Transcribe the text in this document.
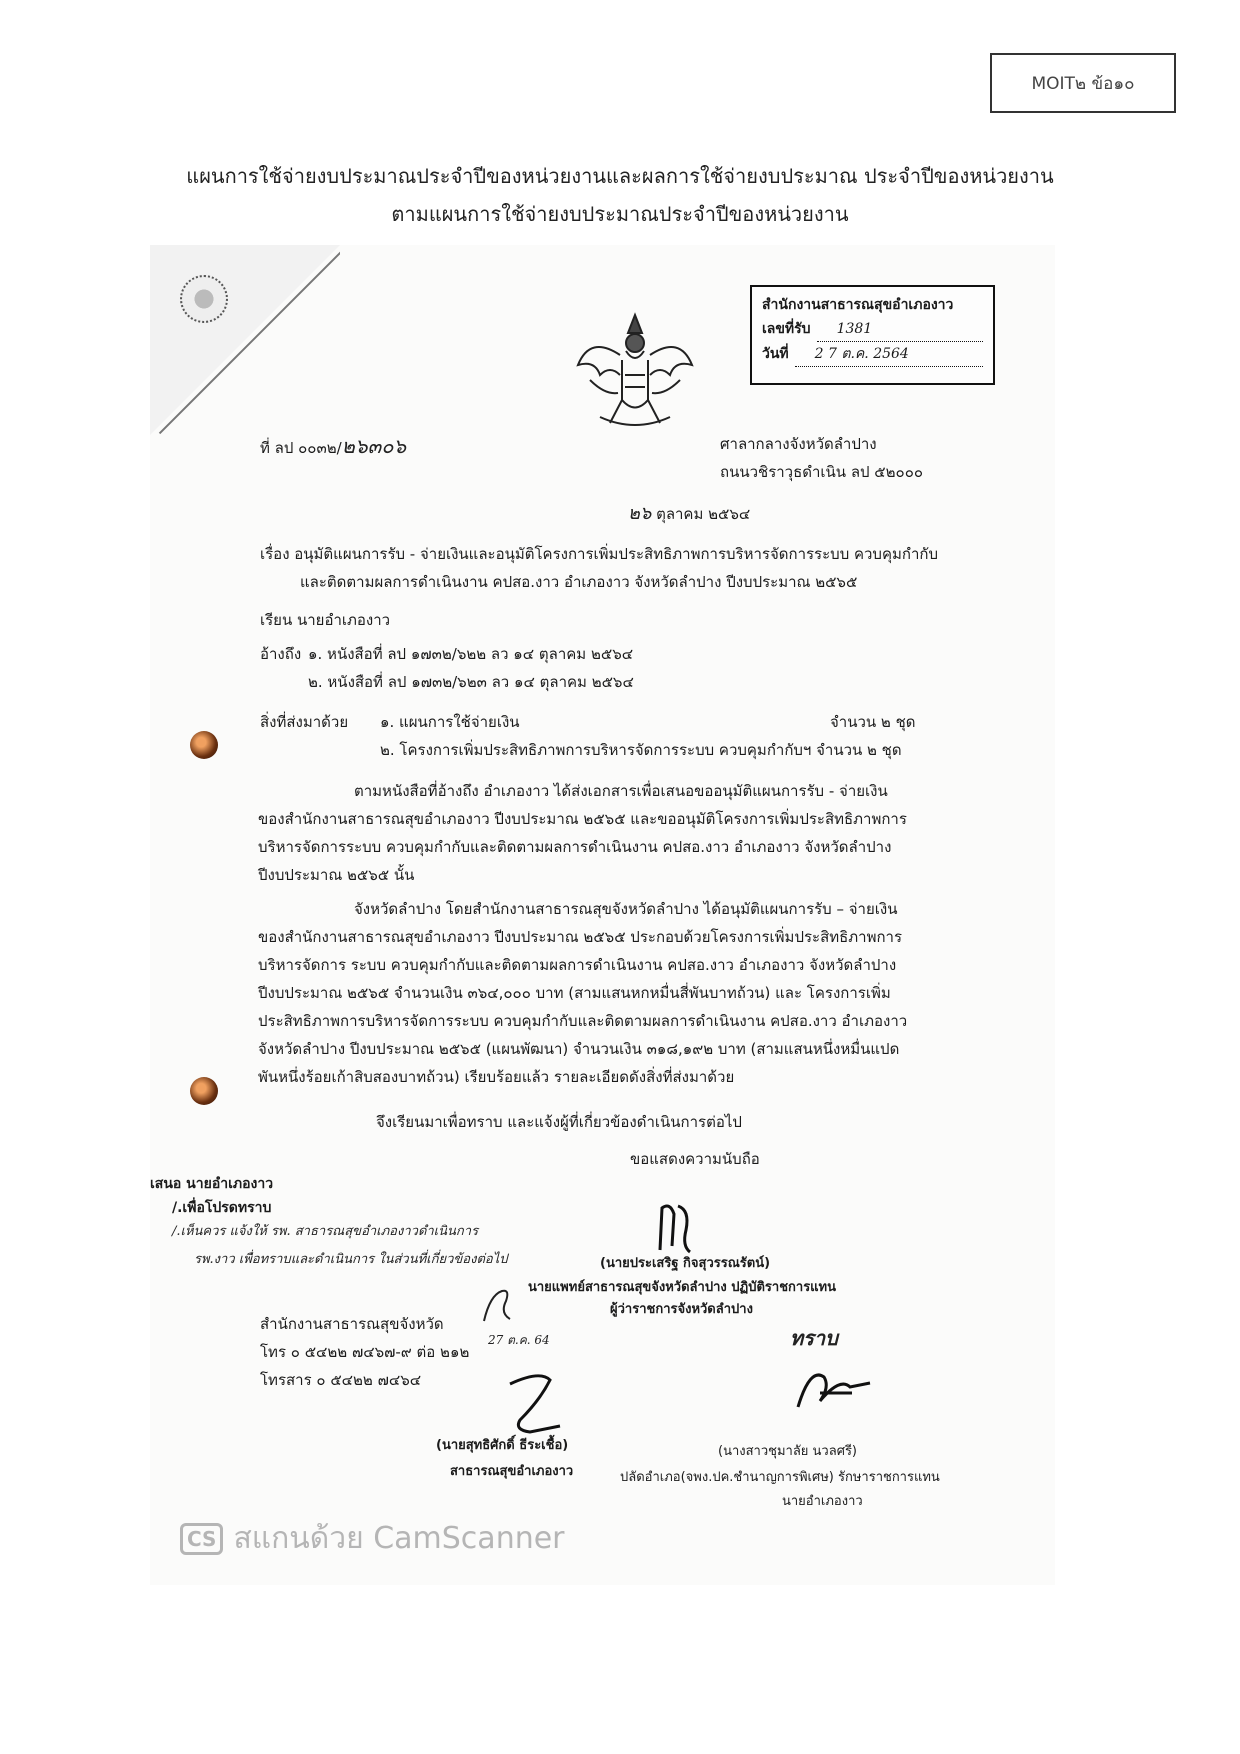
MOIT๒ ข้อ๑๐
แผนการใช้จ่ายงบประมาณประจำปีของหน่วยงานและผลการใช้จ่ายงบประมาณ ประจำปีของหน่วยงาน
ตามแผนการใช้จ่ายงบประมาณประจำปีของหน่วยงาน
สำนักงานสาธารณสุขอำเภองาว
เลขที่รับ	1381
วันที่	2 7 ต.ค. 2564
ที่ ลป ๐๐๓๒/๒๖๓๐๖	ศาลากลางจังหวัดลำปาง
ถนนวชิราวุธดำเนิน ลป ๕๒๐๐๐
๒๖ ตุลาคม ๒๕๖๔
เรื่อง อนุมัติแผนการรับ - จ่ายเงินและอนุมัติโครงการเพิ่มประสิทธิภาพการบริหารจัดการระบบ ควบคุมกำกับ
และติดตามผลการดำเนินงาน คปสอ.งาว อำเภองาว จังหวัดลำปาง ปีงบประมาณ ๒๕๖๕
เรียน นายอำเภองาว
อ้างถึง ๑. หนังสือที่ ลป ๑๗๓๒/๖๒๒ ลว ๑๔ ตุลาคม ๒๕๖๔
๒. หนังสือที่ ลป ๑๗๓๒/๖๒๓ ลว ๑๔ ตุลาคม ๒๕๖๔
สิ่งที่ส่งมาด้วย ๑. แผนการใช้จ่ายเงิน	จำนวน ๒ ชุด
๒. โครงการเพิ่มประสิทธิภาพการบริหารจัดการระบบ ควบคุมกำกับฯ จำนวน ๒ ชุด
ตามหนังสือที่อ้างถึง อำเภองาว ได้ส่งเอกสารเพื่อเสนอขออนุมัติแผนการรับ - จ่ายเงิน ของสำนักงานสาธารณสุขอำเภองาว ปีงบประมาณ ๒๕๖๕ และขออนุมัติโครงการเพิ่มประสิทธิภาพการ บริหารจัดการระบบ ควบคุมกำกับและติดตามผลการดำเนินงาน คปสอ.งาว อำเภองาว จังหวัดลำปาง ปีงบประมาณ ๒๕๖๕ นั้น
จังหวัดลำปาง โดยสำนักงานสาธารณสุขจังหวัดลำปาง ได้อนุมัติแผนการรับ – จ่ายเงิน ของสำนักงานสาธารณสุขอำเภองาว ปีงบประมาณ ๒๕๖๕ ประกอบด้วยโครงการเพิ่มประสิทธิภาพการบริหารจัดการ ระบบ ควบคุมกำกับและติดตามผลการดำเนินงาน คปสอ.งาว อำเภองาว จังหวัดลำปาง ปีงบประมาณ ๒๕๖๕ จำนวนเงิน ๓๖๔,๐๐๐ บาท (สามแสนหกหมื่นสี่พันบาทถ้วน) และ โครงการเพิ่มประสิทธิภาพการบริหารจัดการระบบ ควบคุมกำกับและติดตามผลการดำเนินงาน คปสอ.งาว อำเภองาว จังหวัดลำปาง ปีงบประมาณ ๒๕๖๕ (แผนพัฒนา) จำนวนเงิน ๓๑๘,๑๙๒ บาท (สามแสนหนึ่งหมื่นแปดพันหนึ่งร้อยเก้าสิบสองบาทถ้วน) เรียบร้อยแล้ว รายละเอียดดังสิ่งที่ส่งมาด้วย
จึงเรียนมาเพื่อทราบ และแจ้งผู้ที่เกี่ยวข้องดำเนินการต่อไป
ขอแสดงความนับถือ
เสนอ นายอำเภองาว
/.เพื่อโปรดทราบ
/.เห็นควร แจ้งให้ รพ. สาธารณสุขอำเภองาวดำเนินการ
รพ.งาว เพื่อทราบและดำเนินการ ในส่วนที่เกี่ยวข้องต่อไป	(นายประเสริฐ กิจสุวรรณรัตน์)
นายแพทย์สาธารณสุขจังหวัดลำปาง ปฏิบัติราชการแทน
ผู้ว่าราชการจังหวัดลำปาง
27 ต.ค. 64
สำนักงานสาธารณสุขจังหวัด
โทร ๐ ๕๔๒๒ ๗๔๖๗-๙ ต่อ ๒๑๒
โทรสาร ๐ ๕๔๒๒ ๗๔๖๔
ทราบ
(นายสุทธิศักดิ์ ธีระเชื้อ)
สาธารณสุขอำเภองาว
(นางสาวชุมาลัย นวลศรี)
ปลัดอำเภอ(จพง.ปค.ชำนาญการพิเศษ) รักษาราชการแทน
นายอำเภองาว
CS สแกนด้วย CamScanner
